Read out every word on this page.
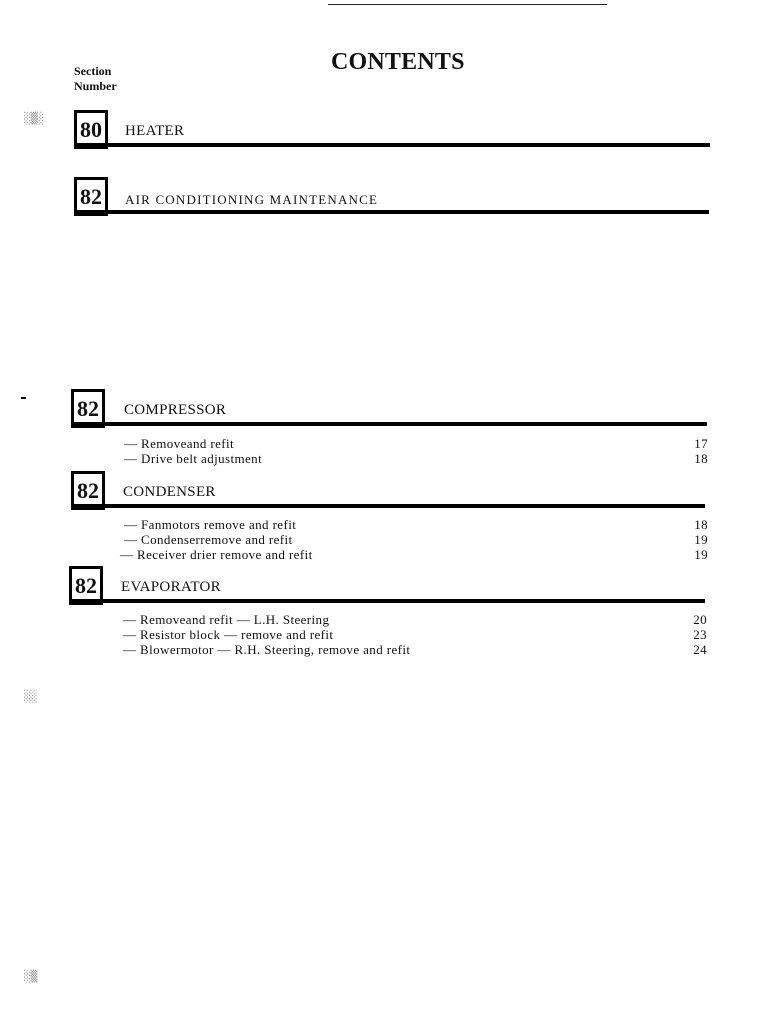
CONTENTS
Section
Number
░▒░
░░
░▒
80	HEATER
82	AIR CONDITIONING MAINTENANCE
82	COMPRESSOR
— Removeand refit	17
— Drive belt adjustment	18
82	CONDENSER
— Fanmotors remove and refit	18
— Condenserremove and refit	19
— Receiver drier remove and refit	19
82	EVAPORATOR
— Removeand refit — L.H. Steering	20
— Resistor block — remove and refit	23
— Blowermotor — R.H. Steering, remove and refit	24
